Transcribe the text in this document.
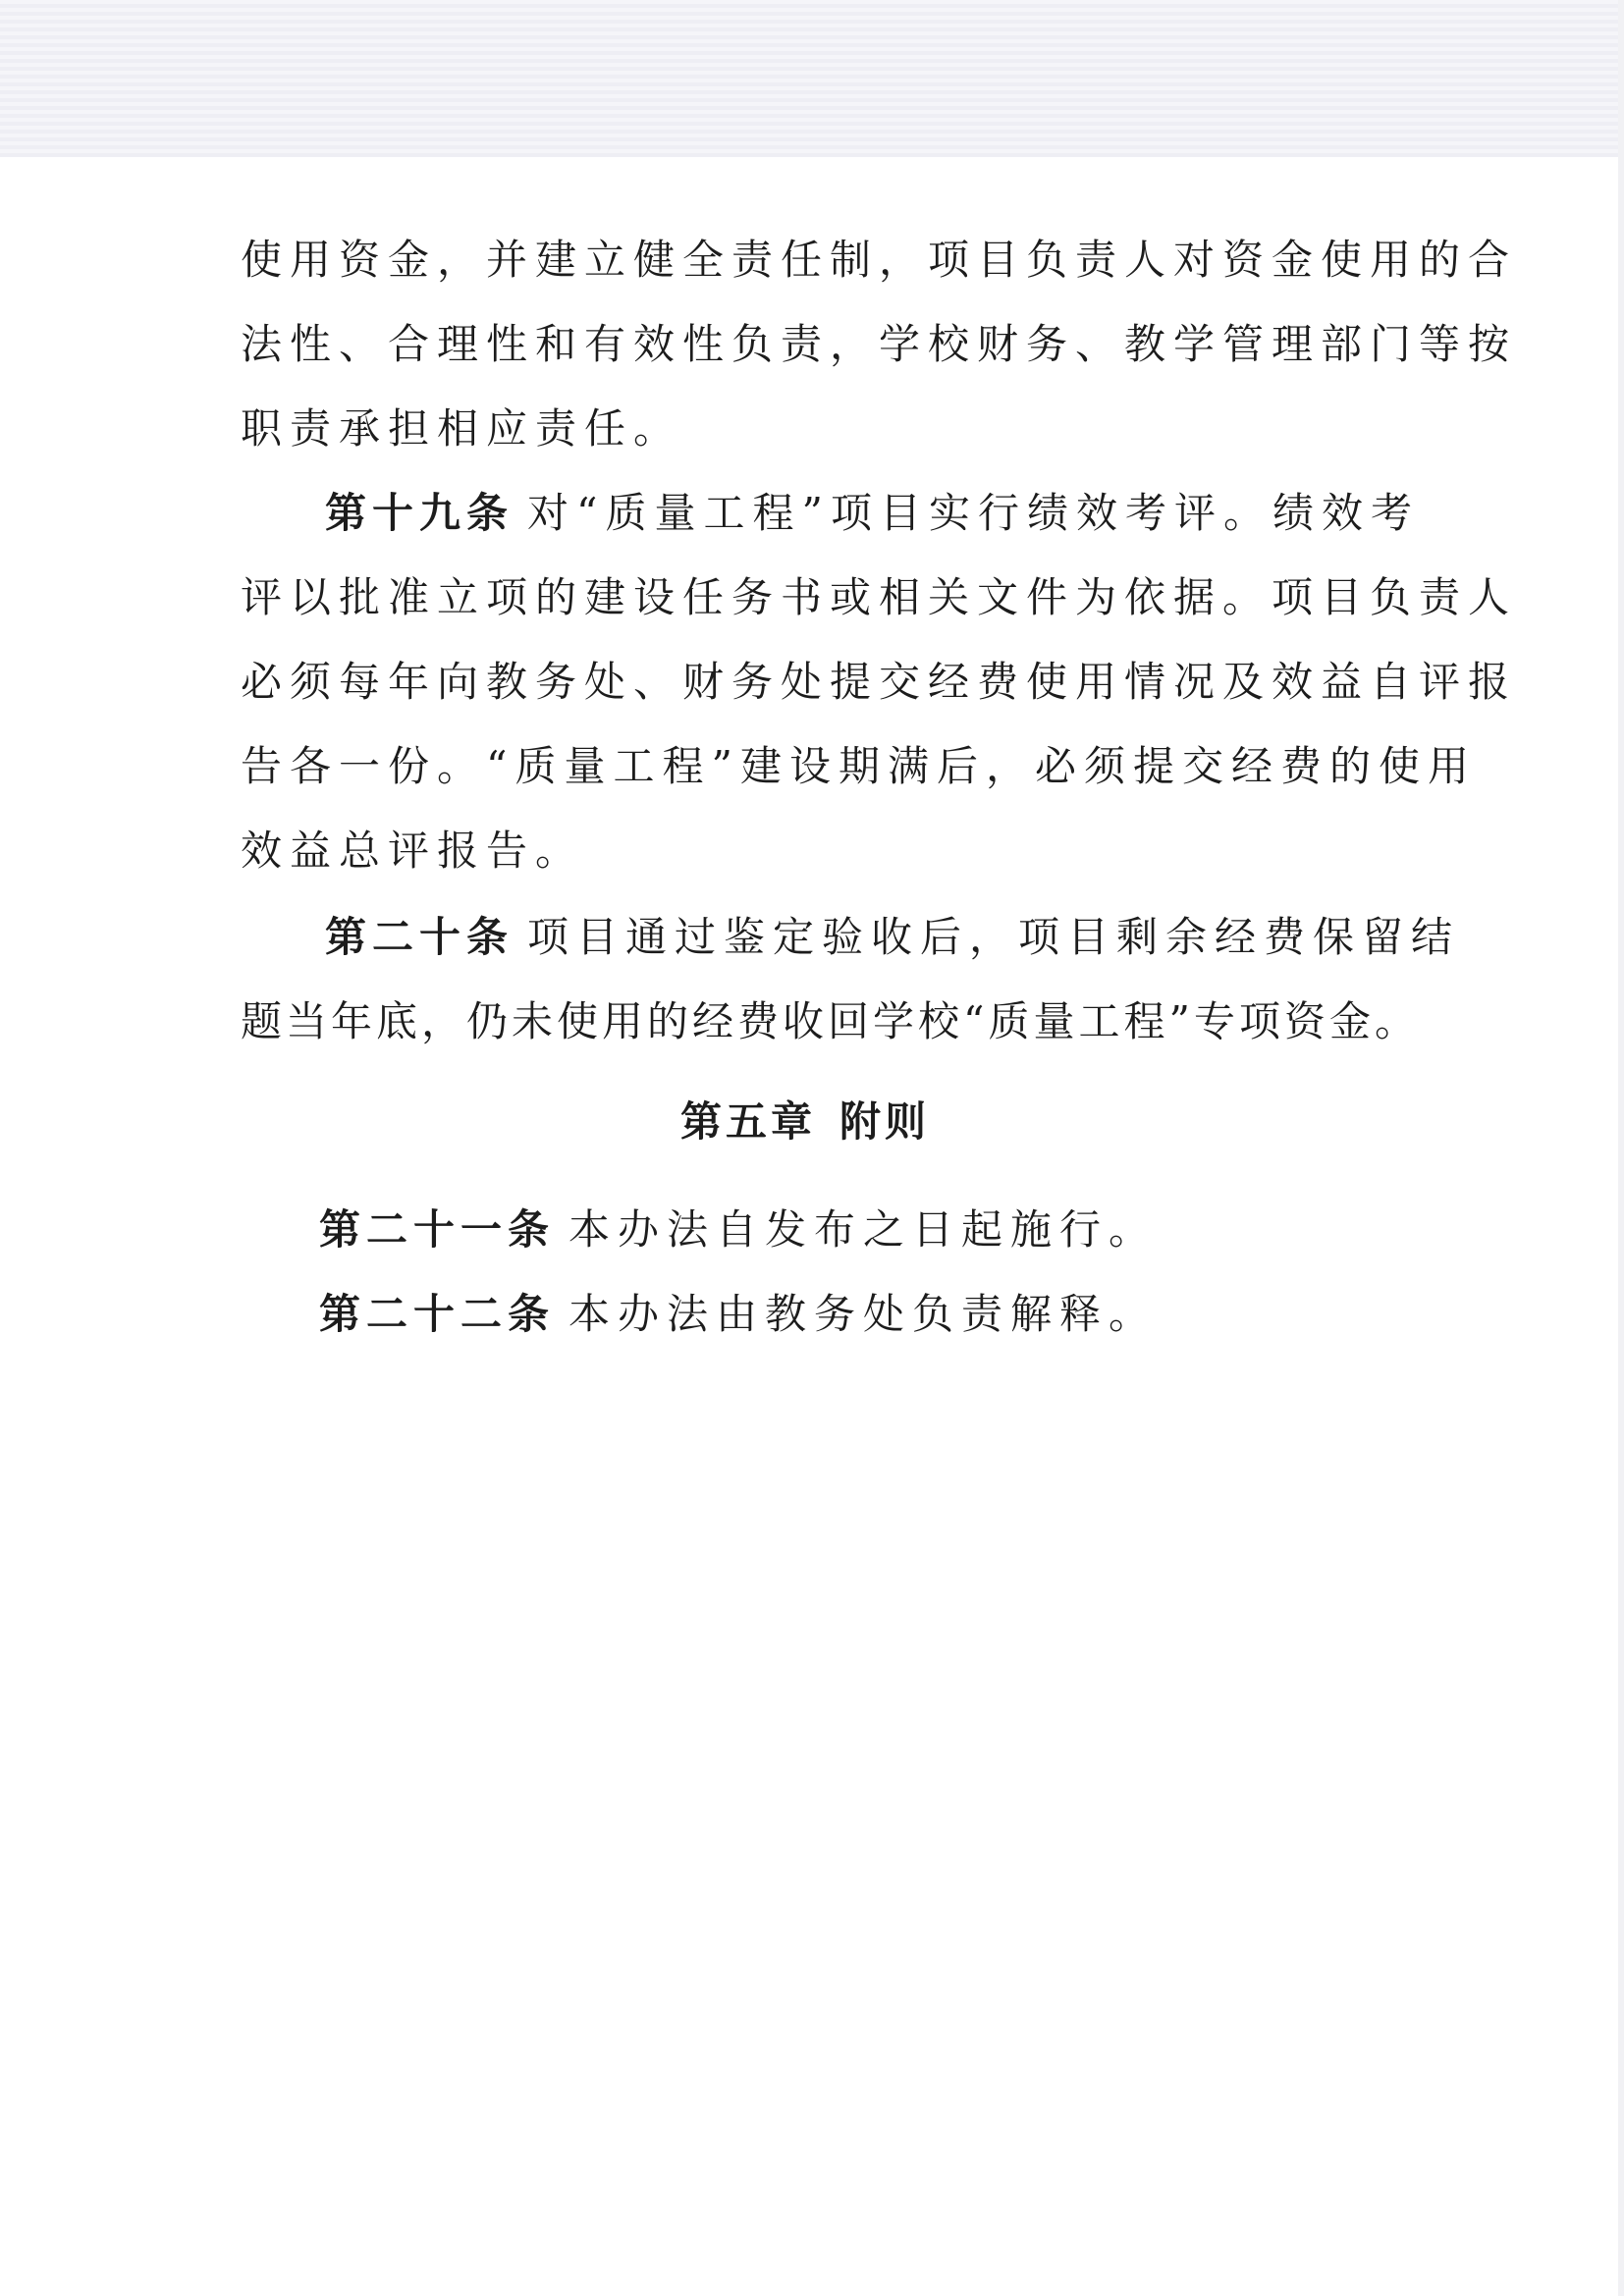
使用资金，并建立健全责任制，项目负责人对资金使用的合
法性、合理性和有效性负责，学校财务、教学管理部门等按
职责承担相应责任。

第十九条 对“质量工程”项目实行绩效考评。绩效考
评以批准立项的建设任务书或相关文件为依据。项目负责人
必须每年向教务处、财务处提交经费使用情况及效益自评报
告各一份。“质量工程”建设期满后，必须提交经费的使用
效益总评报告。

第二十条 项目通过鉴定验收后，项目剩余经费保留结
题当年底，仍未使用的经费收回学校“质量工程”专项资金。

第五章 附则

第二十一条 本办法自发布之日起施行。

第二十二条 本办法由教务处负责解释。
